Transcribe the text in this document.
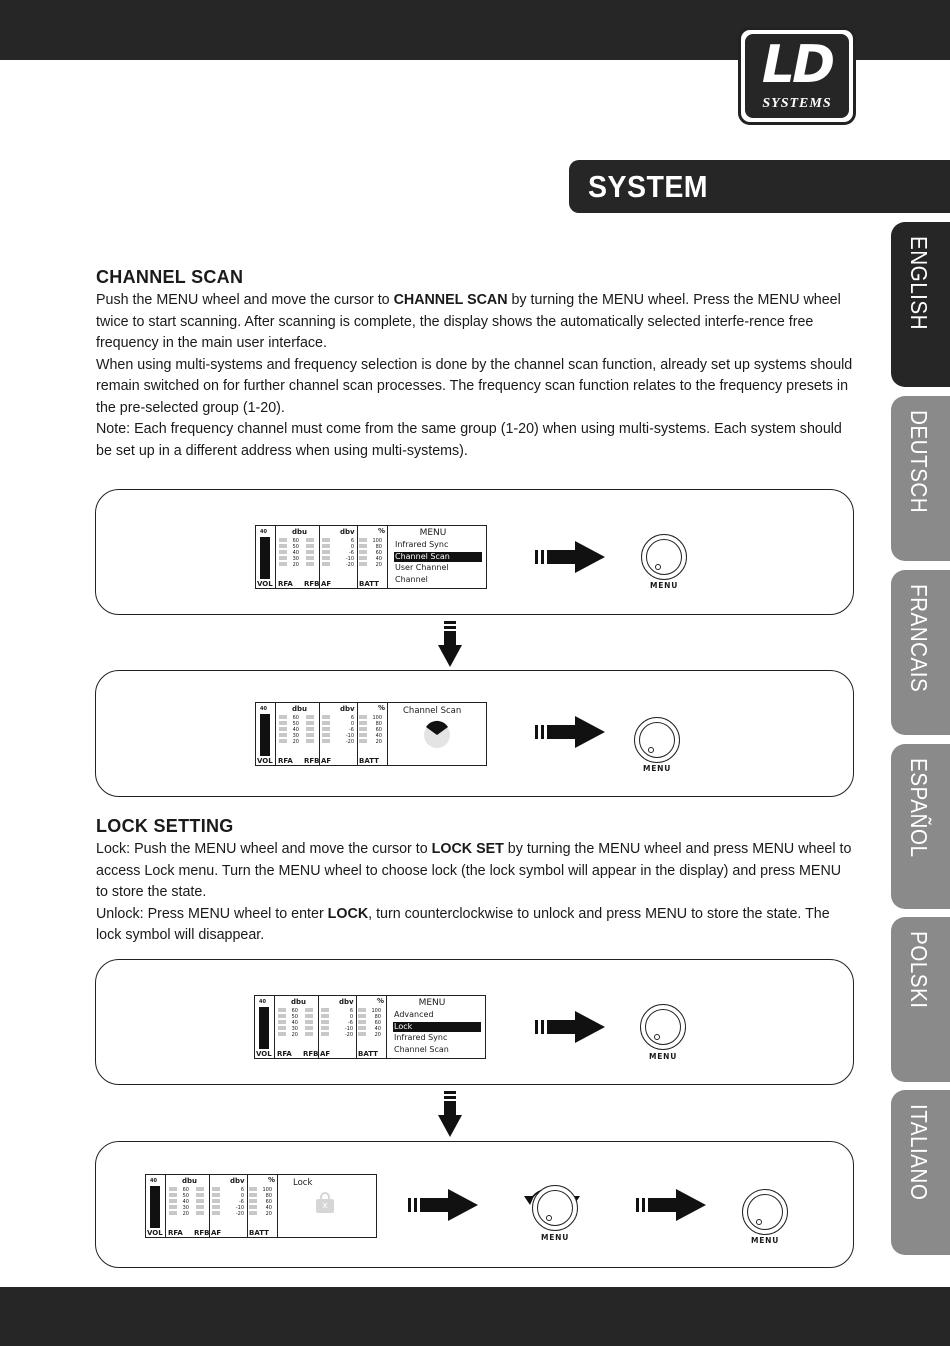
LD
SYSTEMS
SYSTEM
ENGLISH
DEUTSCH
FRANCAIS
ESPAÑOL
POLSKI
ITALIANO
CHANNEL SCAN
Push the MENU wheel and move the cursor to CHANNEL SCAN by turning the MENU wheel. Press the MENU wheel twice to start scanning. After scanning is complete, the display shows the automatically selected interfe-rence free frequency in the main user interface.
When using multi-systems and frequency selection is done by the channel scan function, already set up systems should remain switched on for further channel scan processes. The frequency scan function relates to the frequency presets in the pre-selected group (1-20).
Note: Each frequency channel must come from the same group (1-20) when using multi-systems. Each system should be set up in a different address when using multi-systems).
40
VOL
dbu
60
50
40
30
20
RFA RFB
dbv
6
0
-6
-10
-20
AF
%
100
80
60
40
20
BATT
MENU
Infrared Sync
Channel Scan
User Channel
Channel
MENU
40
VOL
dbu
60
50
40
30
20
RFA RFB
dbv
6
0
-6
-10
-20
AF
%
100
80
60
40
20
BATT
Channel Scan
MENU
LOCK SETTING
Lock: Push the MENU wheel and move the cursor to LOCK SET by turning the MENU wheel and press MENU wheel to access Lock menu. Turn the MENU wheel to choose lock (the lock symbol will appear in the display) and press MENU to store the state.
Unlock: Press MENU wheel to enter LOCK, turn counterclockwise to unlock and press MENU to store the state. The lock symbol will disappear.
40
VOL
dbu
60
50
40
30
20
RFA RFB
dbv
6
0
-6
-10
-20
AF
%
100
80
60
40
20
BATT
MENU
Advanced
Lock
Infrared Sync
Channel Scan
MENU
40
VOL
dbu
60
50
40
30
20
RFA RFB
dbv
6
0
-6
-10
-20
AF
%
100
80
60
40
20
BATT
Lock
x
MENU	MENU
